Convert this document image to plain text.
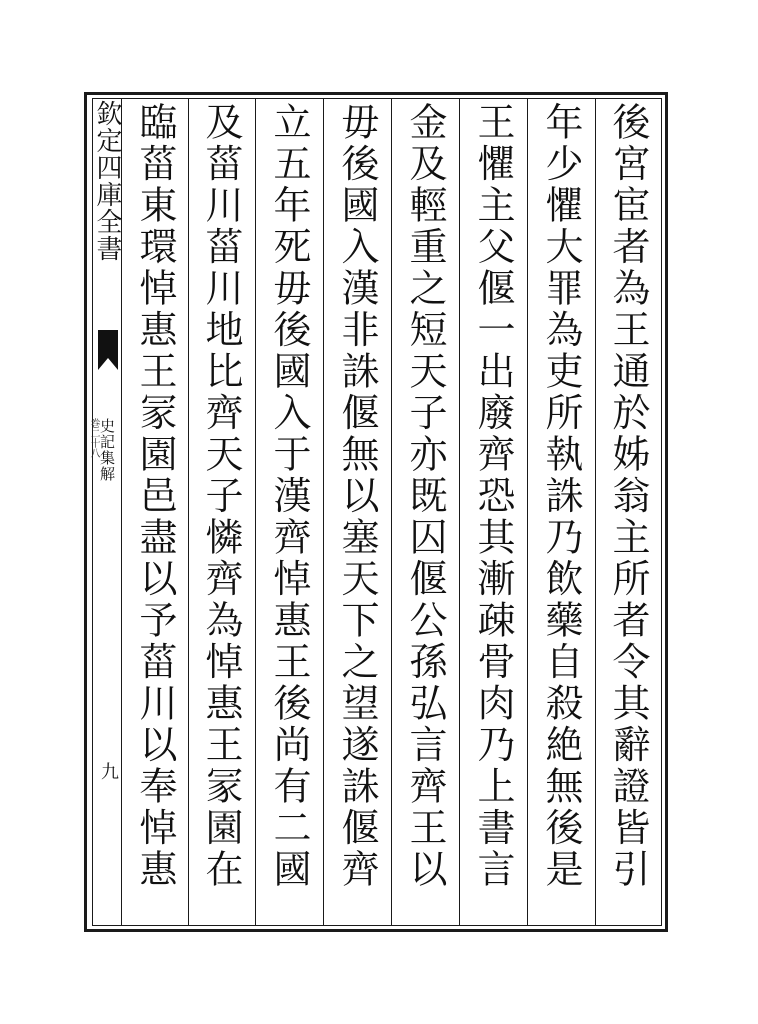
欽定四庫全書
史記集解
巻二十八
九
後宮宦者為王通於姊翁主所者令其辭證皆引
年少懼大罪為吏所執誅乃飲藥自殺絶無後是
王懼主父偃一出廢齊恐其漸疎骨肉乃上書言
金及輕重之短天子亦既囚偃公孫弘言齊王以
毋後國入漢非誅偃無以塞天下之望遂誅偃齊
立五年死毋後國入于漢齊悼惠王後尚有二國
及菑川菑川地比齊天子憐齊為悼惠王冡園在
臨菑東環悼惠王冡園邑盡以予菑川以奉悼惠
